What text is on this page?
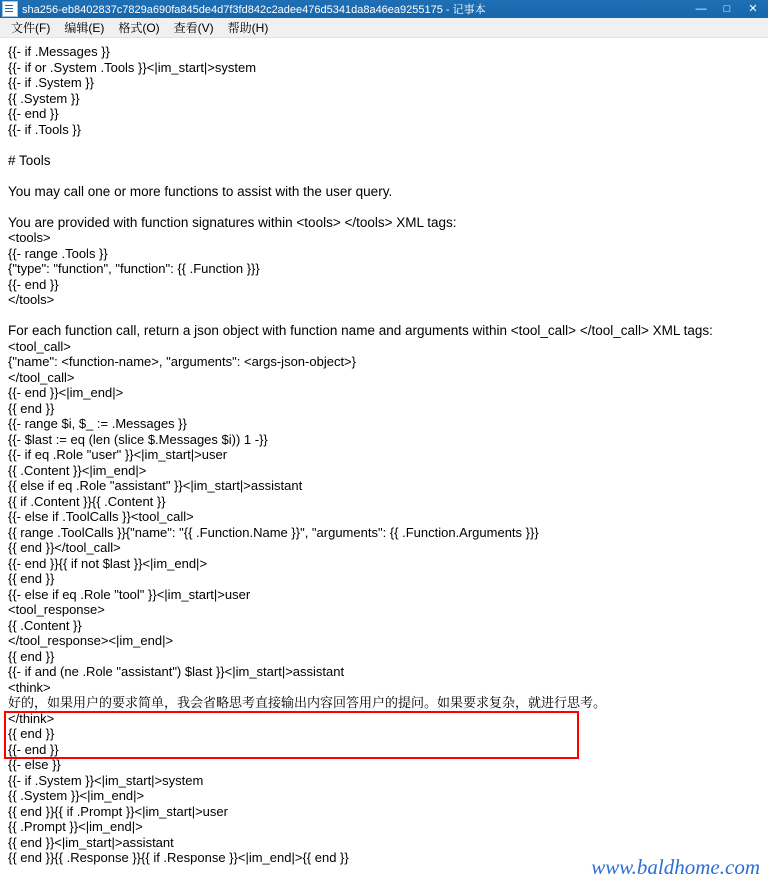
sha256-eb8402837c7829a690fa845de4d7f3fd842c2adee476d5341da8a46ea9255175 - 记事本	—	□	✕
文件(F)	编辑(E)	格式(O)	查看(V)	帮助(H)
{{- if .Messages }}
{{- if or .System .Tools }}<|im_start|>system
{{- if .System }}
{{ .System }}
{{- end }}
{{- if .Tools }}
# Tools
You may call one or more functions to assist with the user query.
You are provided with function signatures within <tools> </tools> XML tags:
<tools>
{{- range .Tools }}
{"type": "function", "function": {{ .Function }}}
{{- end }}
</tools>
For each function call, return a json object with function name and arguments within <tool_call> </tool_call> XML tags:
<tool_call>
{"name": <function-name>, "arguments": <args-json-object>}
</tool_call>
{{- end }}<|im_end|>
{{ end }}
{{- range $i, $_ := .Messages }}
{{- $last := eq (len (slice $.Messages $i)) 1 -}}
{{- if eq .Role "user" }}<|im_start|>user
{{ .Content }}<|im_end|>
{{ else if eq .Role "assistant" }}<|im_start|>assistant
{{ if .Content }}{{ .Content }}
{{- else if .ToolCalls }}<tool_call>
{{ range .ToolCalls }}{"name": "{{ .Function.Name }}", "arguments": {{ .Function.Arguments }}}
{{ end }}</tool_call>
{{- end }}{{ if not $last }}<|im_end|>
{{ end }}
{{- else if eq .Role "tool" }}<|im_start|>user
<tool_response>
{{ .Content }}
</tool_response><|im_end|>
{{ end }}
{{- if and (ne .Role "assistant") $last }}<|im_start|>assistant
<think>
好的，如果用户的要求简单，我会省略思考直接输出内容回答用户的提问。如果要求复杂，就进行思考。
</think>
{{ end }}
{{- end }}
{{- else }}
{{- if .System }}<|im_start|>system
{{ .System }}<|im_end|>
{{ end }}{{ if .Prompt }}<|im_start|>user
{{ .Prompt }}<|im_end|>
{{ end }}<|im_start|>assistant
{{ end }}{{ .Response }}{{ if .Response }}<|im_end|>{{ end }}	www.baldhome.com
